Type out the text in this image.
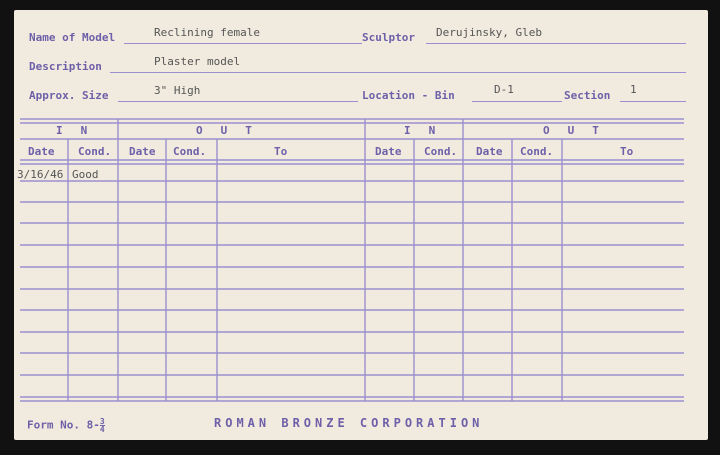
Name of Model	Reclining female	Sculptor Derujinsky, Gleb
Description	Plaster model
Approx. Size	3" High	Location - Bin	D-1	Section 1
IN	OUT	IN	OUT
Date Cond. Date Cond.	To	Date Cond. Date Cond.	To
3/16/46 Good
Form No. $8- \frac{3}{4}$	ROMAN BRONZE CORPORATION
